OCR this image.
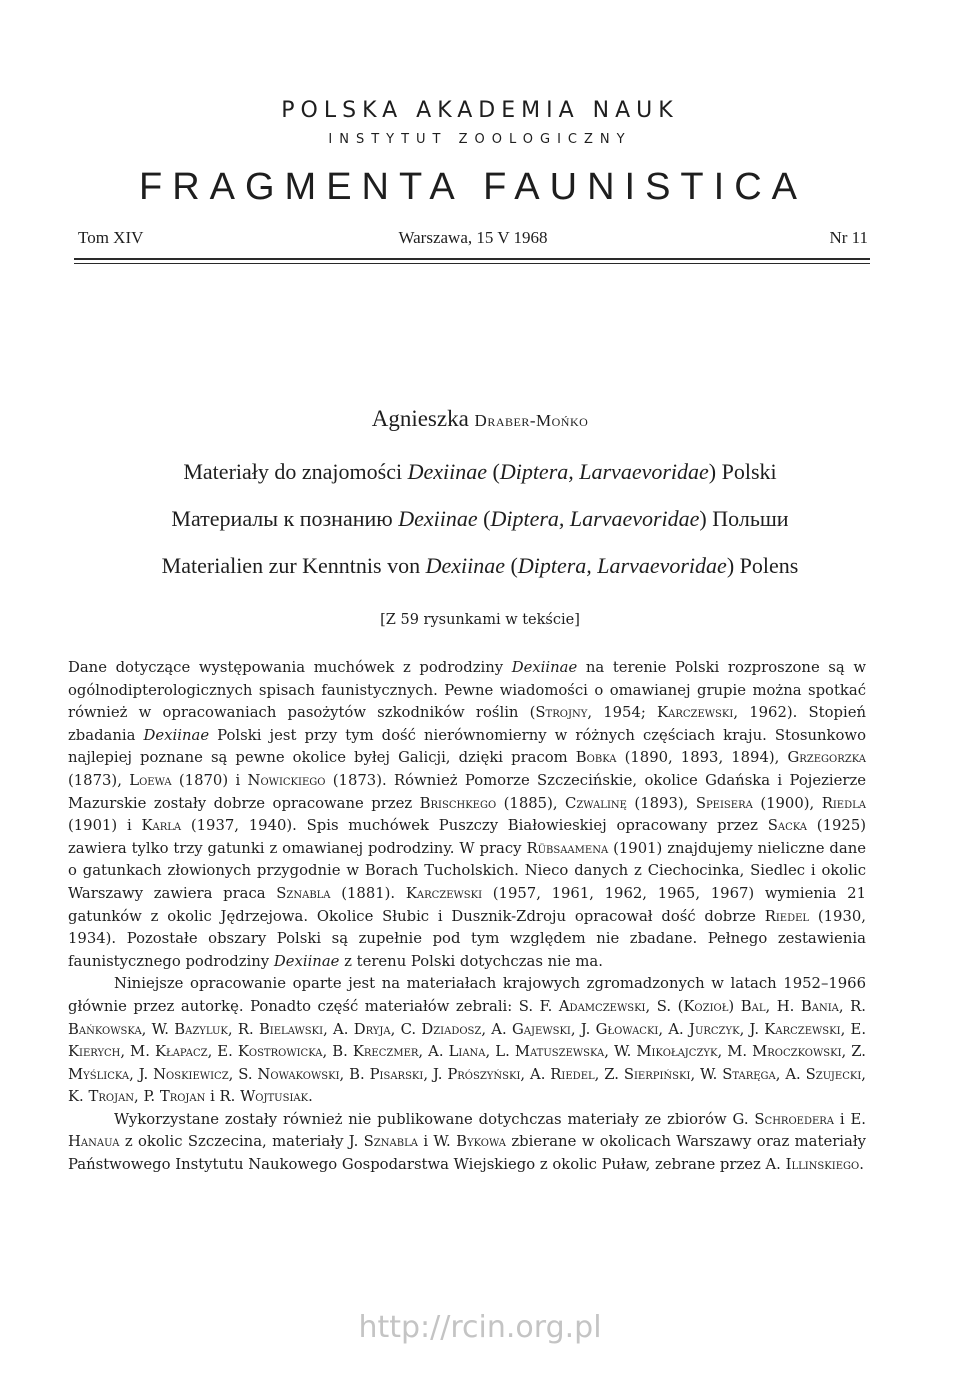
POLSKA AKADEMIA NAUK
INSTYTUT ZOOLOGICZNY
FRAGMENTA FAUNISTICA
Tom XIV	Warszawa, 15 V 1968	Nr 11
Agnieszka Draber-Mońko
Materiały do znajomości Dexiinae (Diptera, Larvaevoridae) Polski
Материалы к познанию Dexiinae (Diptera, Larvaevoridae) Польши
Materialien zur Kenntnis von Dexiinae (Diptera, Larvaevoridae) Polens
[Z 59 rysunkami w tekście]

Dane dotyczące występowania muchówek z podrodziny Dexiinae na terenie Polski rozproszone są w ogólnodipterologicznych spisach faunistycznych. Pewne wiadomości o omawianej grupie można spotkać również w opracowaniach pasożytów szkodników roślin (Strojny, 1954; Karczewski, 1962). Stopień zbadania Dexiinae Polski jest przy tym dość nierównomierny w różnych częściach kraju. Stosunkowo najlepiej poznane są pewne okolice byłej Galicji, dzięki pracom Bobka (1890, 1893, 1894), Grzegorzka (1873), Loewa (1870) i Nowickiego (1873). Również Pomorze Szczecińskie, okolice Gdańska i Pojezierze Mazurskie zostały dobrze opracowane przez Brischkego (1885), Czwalinę (1893), Speisera (1900), Riedla (1901) i Karla (1937, 1940). Spis muchówek Puszczy Białowieskiej opracowany przez Sacka (1925) zawiera tylko trzy gatunki z omawianej podrodziny. W pracy Rübsaamena (1901) znajdujemy nieliczne dane o gatunkach złowionych przygodnie w Borach Tucholskich. Nieco danych z Ciechocinka, Siedlec i okolic Warszawy zawiera praca Sznabla (1881). Karczewski (1957, 1961, 1962, 1965, 1967) wymienia 21 gatunków z okolic Jędrzejowa. Okolice Słubic i Dusznik-Zdroju opracował dość dobrze Riedel (1930, 1934). Pozostałe obszary Polski są zupełnie pod tym względem nie zbadane. Pełnego zestawienia faunistycznego podrodziny Dexiinae z terenu Polski dotychczas nie ma.

Niniejsze opracowanie oparte jest na materiałach krajowych zgromadzonych w latach 1952–1966 głównie przez autorkę. Ponadto część materiałów zebrali: S. F. Adamczewski, S. (Kozioł) Bal, H. Bania, R. Bańkowska, W. Bazyluk, R. Bielawski, A. Dryja, C. Dziadosz, A. Gajewski, J. Głowacki, A. Jurczyk, J. Karczewski, E. Kierych, M. Kłapacz, E. Kostrowicka, B. Kreczmer, A. Liana, L. Matuszewska, W. Mikołajczyk, M. Mroczkowski, Z. Myślicka, J. Noskiewicz, S. Nowakowski, B. Pisarski, J. Prószyński, A. Riedel, Z. Sierpiński, W. Staręga, A. Szujecki, K. Trojan, P. Trojan i R. Wojtusiak.

Wykorzystane zostały również nie publikowane dotychczas materiały ze zbiorów G. Schroedera i E. Hanaua z okolic Szczecina, materiały J. Sznabla i W. Bykowa zbierane w okolicach Warszawy oraz materiały Państwowego Instytutu Naukowego Gospodarstwa Wiejskiego z okolic Puław, zebrane przez A. Illinskiego.

http://rcin.org.pl
